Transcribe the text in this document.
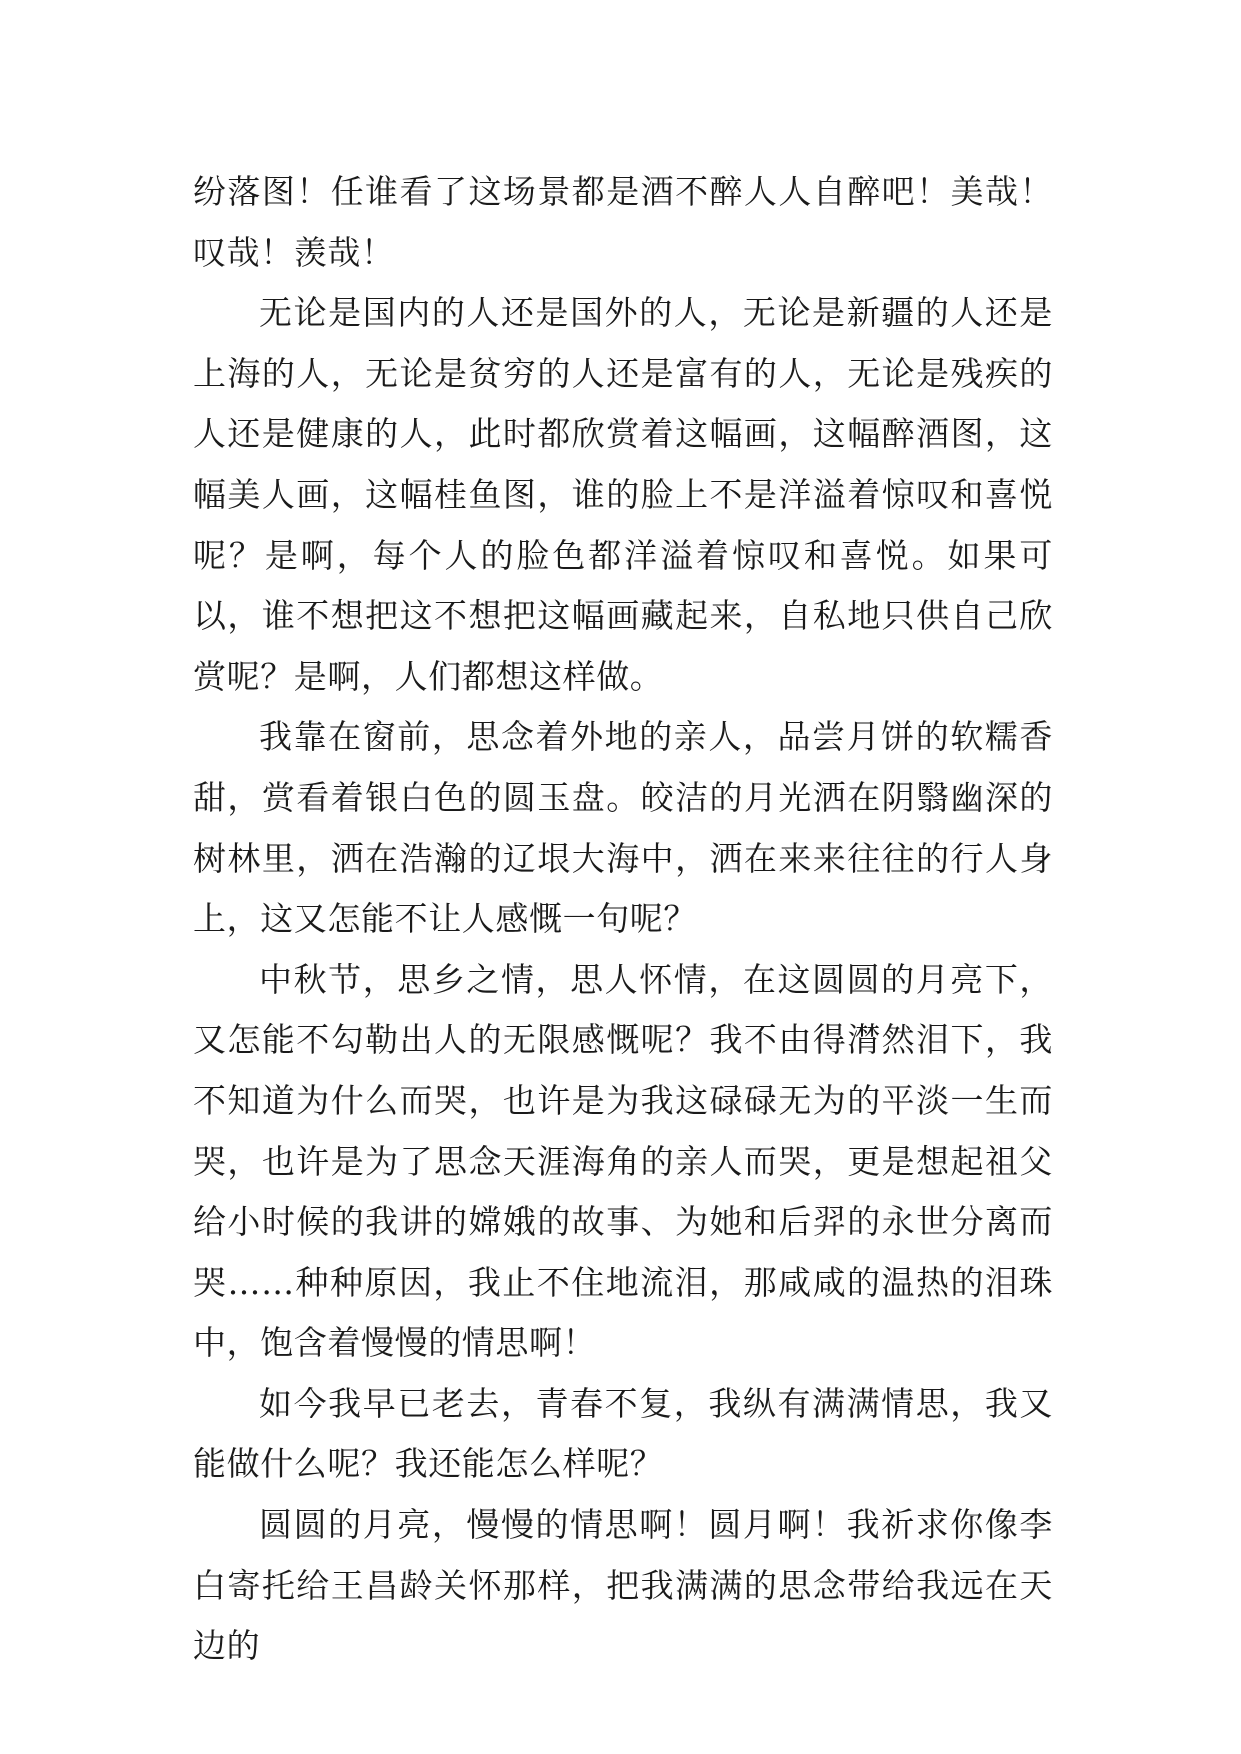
纷落图！任谁看了这场景都是酒不醉人人自醉吧！美哉！叹哉！羡哉！

无论是国内的人还是国外的人，无论是新疆的人还是上海的人，无论是贫穷的人还是富有的人，无论是残疾的人还是健康的人，此时都欣赏着这幅画，这幅醉酒图，这幅美人画，这幅桂鱼图，谁的脸上不是洋溢着惊叹和喜悦呢？是啊，每个人的脸色都洋溢着惊叹和喜悦。如果可以，谁不想把这不想把这幅画藏起来，自私地只供自己欣赏呢？是啊，人们都想这样做。

我靠在窗前，思念着外地的亲人，品尝月饼的软糯香甜，赏看着银白色的圆玉盘。皎洁的月光洒在阴翳幽深的树林里，洒在浩瀚的辽垠大海中，洒在来来往往的行人身上，这又怎能不让人感慨一句呢？

中秋节，思乡之情，思人怀情，在这圆圆的月亮下，又怎能不勾勒出人的无限感慨呢？我不由得潸然泪下，我不知道为什么而哭，也许是为我这碌碌无为的平淡一生而哭，也许是为了思念天涯海角的亲人而哭，更是想起祖父给小时候的我讲的嫦娥的故事、为她和后羿的永世分离而哭……种种原因，我止不住地流泪，那咸咸的温热的泪珠中，饱含着慢慢的情思啊！

如今我早已老去，青春不复，我纵有满满情思，我又能做什么呢？我还能怎么样呢？

圆圆的月亮，慢慢的情思啊！圆月啊！我祈求你像李白寄托给王昌龄关怀那样，把我满满的思念带给我远在天边的
